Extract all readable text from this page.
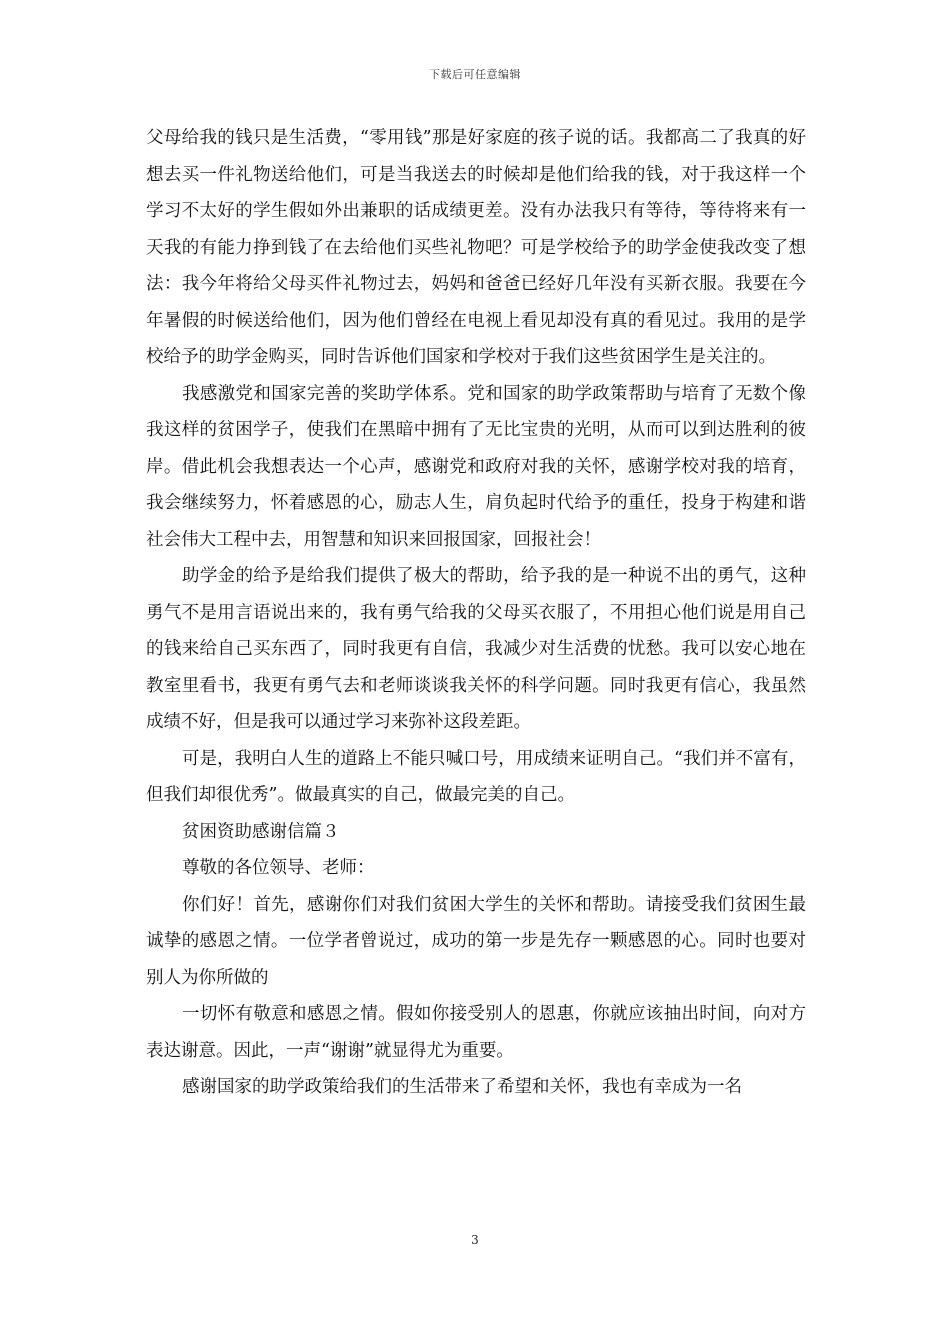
下载后可任意编辑

父母给我的钱只是生活费，“零用钱”那是好家庭的孩子说的话。我都高二了我真的好想去买一件礼物送给他们，可是当我送去的时候却是他们给我的钱，对于我这样一个学习不太好的学生假如外出兼职的话成绩更差。没有办法我只有等待，等待将来有一天我的有能力挣到钱了在去给他们买些礼物吧？可是学校给予的助学金使我改变了想法：我今年将给父母买件礼物过去，妈妈和爸爸已经好几年没有买新衣服。我要在今年暑假的时候送给他们，因为他们曾经在电视上看见却没有真的看见过。我用的是学校给予的助学金购买，同时告诉他们国家和学校对于我们这些贫困学生是关注的。

我感激党和国家完善的奖助学体系。党和国家的助学政策帮助与培育了无数个像我这样的贫困学子，使我们在黑暗中拥有了无比宝贵的光明，从而可以到达胜利的彼岸。借此机会我想表达一个心声，感谢党和政府对我的关怀，感谢学校对我的培育，我会继续努力，怀着感恩的心，励志人生，肩负起时代给予的重任，投身于构建和谐社会伟大工程中去，用智慧和知识来回报国家，回报社会！

助学金的给予是给我们提供了极大的帮助，给予我的是一种说不出的勇气，这种勇气不是用言语说出来的，我有勇气给我的父母买衣服了，不用担心他们说是用自己的钱来给自己买东西了，同时我更有自信，我减少对生活费的忧愁。我可以安心地在教室里看书，我更有勇气去和老师谈谈我关怀的科学问题。同时我更有信心，我虽然成绩不好，但是我可以通过学习来弥补这段差距。

可是，我明白人生的道路上不能只喊口号，用成绩来证明自己。“我们并不富有，但我们却很优秀”。做最真实的自己，做最完美的自己。

贫困资助感谢信篇３

尊敬的各位领导、老师：

你们好！首先，感谢你们对我们贫困大学生的关怀和帮助。请接受我们贫困生最诚挚的感恩之情。一位学者曾说过，成功的第一步是先存一颗感恩的心。同时也要对别人为你所做的

一切怀有敬意和感恩之情。假如你接受别人的恩惠，你就应该抽出时间，向对方表达谢意。因此，一声“谢谢”就显得尤为重要。

感谢国家的助学政策给我们的生活带来了希望和关怀，我也有幸成为一名

3
